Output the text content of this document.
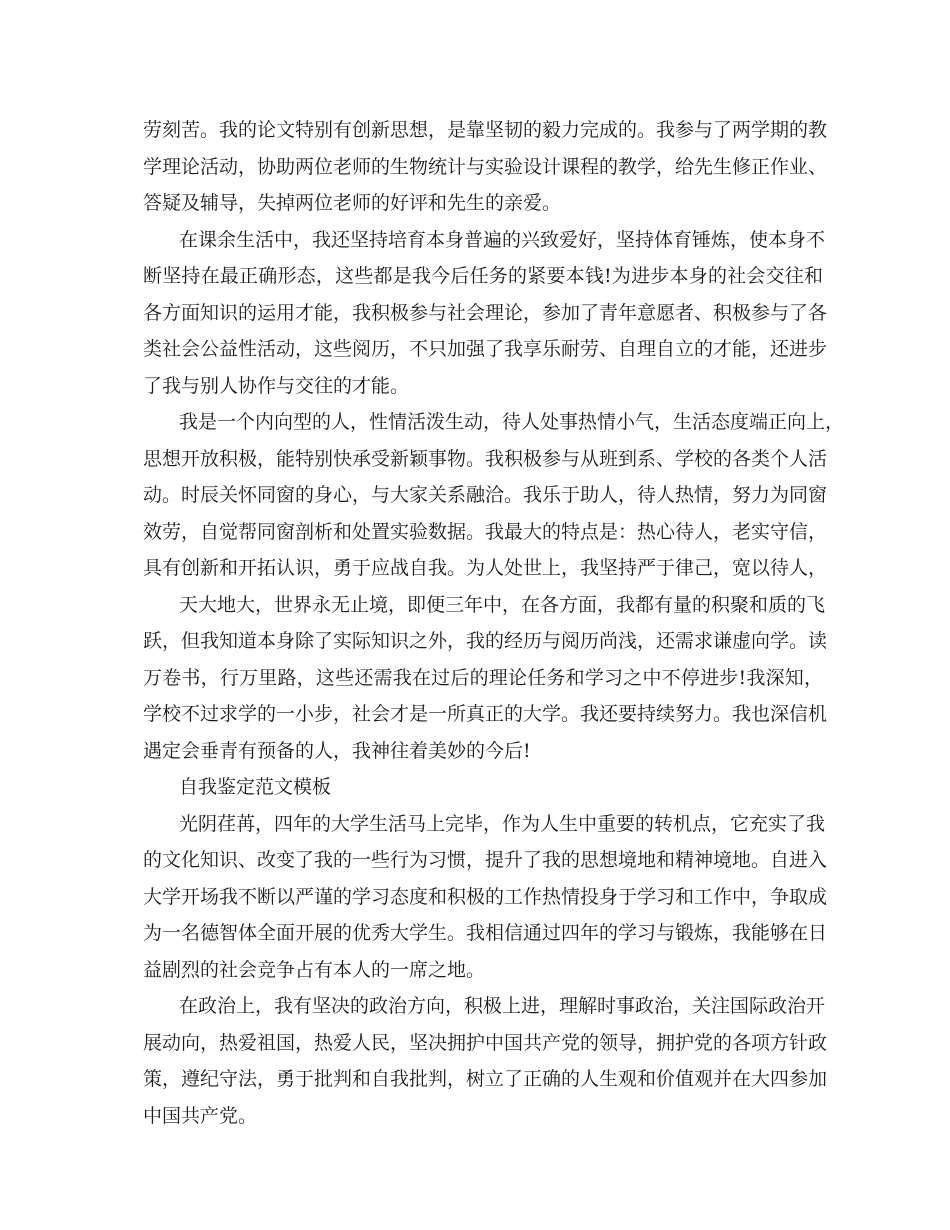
劳刻苦。我的论文特别有创新思想，是靠坚韧的毅力完成的。我参与了两学期的教
学理论活动，协助两位老师的生物统计与实验设计课程的教学，给先生修正作业、
答疑及辅导，失掉两位老师的好评和先生的亲爱。
在课余生活中，我还坚持培育本身普遍的兴致爱好，坚持体育锤炼，使本身不
断坚持在最正确形态，这些都是我今后任务的紧要本钱!为进步本身的社会交往和
各方面知识的运用才能，我积极参与社会理论，参加了青年意愿者、积极参与了各
类社会公益性活动，这些阅历，不只加强了我享乐耐劳、自理自立的才能，还进步
了我与别人协作与交往的才能。
我是一个内向型的人，性情活泼生动，待人处事热情小气，生活态度端正向上，
思想开放积极，能特别快承受新颖事物。我积极参与从班到系、学校的各类个人活
动。时辰关怀同窗的身心，与大家关系融洽。我乐于助人，待人热情，努力为同窗
效劳，自觉帮同窗剖析和处置实验数据。我最大的特点是：热心待人，老实守信，
具有创新和开拓认识，勇于应战自我。为人处世上，我坚持严于律己，宽以待人，
天大地大，世界永无止境，即便三年中，在各方面，我都有量的积聚和质的飞
跃，但我知道本身除了实际知识之外，我的经历与阅历尚浅，还需求谦虚向学。读
万卷书，行万里路，这些还需我在过后的理论任务和学习之中不停进步!我深知，
学校不过求学的一小步，社会才是一所真正的大学。我还要持续努力。我也深信机
遇定会垂青有预备的人，我神往着美妙的今后!
自我鉴定范文模板
光阴荏苒，四年的大学生活马上完毕，作为人生中重要的转机点，它充实了我
的文化知识、改变了我的一些行为习惯，提升了我的思想境地和精神境地。自进入
大学开场我不断以严谨的学习态度和积极的工作热情投身于学习和工作中，争取成
为一名德智体全面开展的优秀大学生。我相信通过四年的学习与锻炼，我能够在日
益剧烈的社会竞争占有本人的一席之地。
在政治上，我有坚决的政治方向，积极上进，理解时事政治，关注国际政治开
展动向，热爱祖国，热爱人民，坚决拥护中国共产党的领导，拥护党的各项方针政
策，遵纪守法，勇于批判和自我批判，树立了正确的人生观和价值观并在大四参加
中国共产党。
